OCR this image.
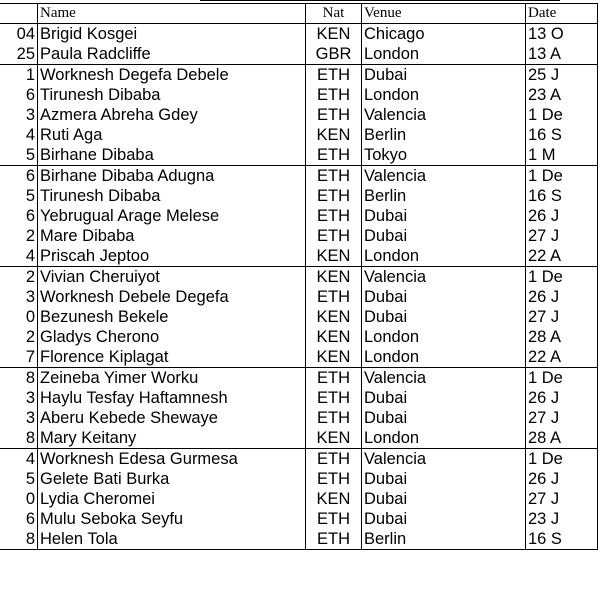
	Name	Nat	Venue	Date
04	Brigid Kosgei	KEN	Chicago	13 O
25	Paula Radcliffe	GBR	London	13 A
1	Worknesh Degefa Debele	ETH	Dubai	25 J
6	Tirunesh Dibaba	ETH	London	23 A
3	Azmera Abreha Gdey	ETH	Valencia	1 De
4	Ruti Aga	KEN	Berlin	16 S
5	Birhane Dibaba	ETH	Tokyo	1 M
6	Birhane Dibaba Adugna	ETH	Valencia	1 De
5	Tirunesh Dibaba	ETH	Berlin	16 S
6	Yebrugual Arage Melese	ETH	Dubai	26 J
2	Mare Dibaba	ETH	Dubai	27 J
4	Priscah Jeptoo	KEN	London	22 A
2	Vivian Cheruiyot	KEN	Valencia	1 De
3	Worknesh Debele Degefa	ETH	Dubai	26 J
0	Bezunesh Bekele	KEN	Dubai	27 J
2	Gladys Cherono	KEN	London	28 A
7	Florence Kiplagat	KEN	London	22 A
8	Zeineba Yimer Worku	ETH	Valencia	1 De
3	Haylu Tesfay Haftamnesh	ETH	Dubai	26 J
3	Aberu Kebede Shewaye	ETH	Dubai	27 J
8	Mary Keitany	KEN	London	28 A
4	Worknesh Edesa Gurmesa	ETH	Valencia	1 De
5	Gelete Bati Burka	ETH	Dubai	26 J
0	Lydia Cheromei	KEN	Dubai	27 J
6	Mulu Seboka Seyfu	ETH	Dubai	23 J
8	Helen Tola	ETH	Berlin	16 S
